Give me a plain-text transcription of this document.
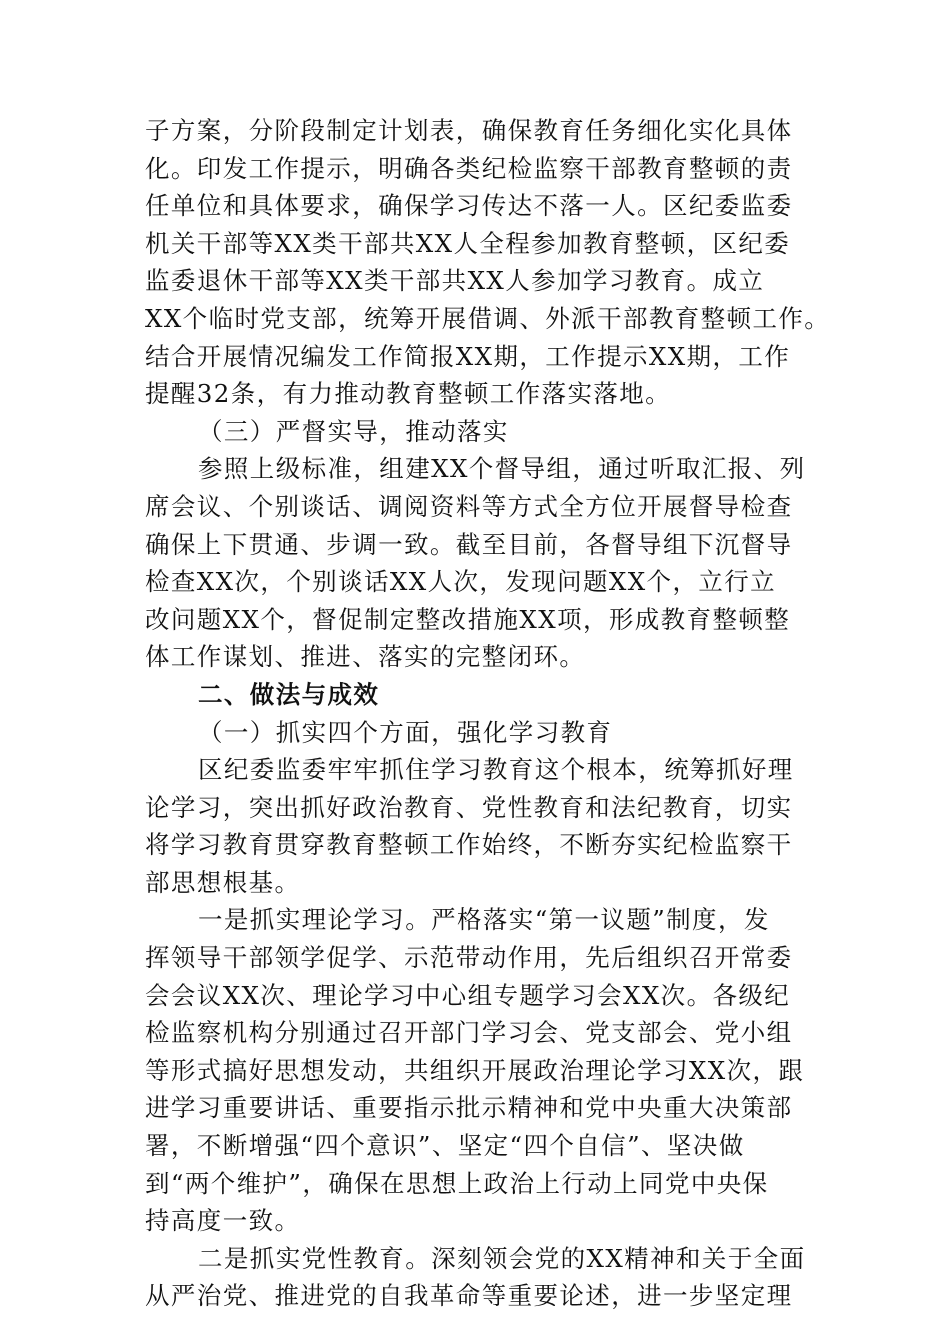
子方案，分阶段制定计划表，确保教育任务细化实化具体
化。印发工作提示，明确各类纪检监察干部教育整顿的责
任单位和具体要求，确保学习传达不落一人。区纪委监委
机关干部等XX类干部共XX人全程参加教育整顿，区纪委
监委退休干部等XX类干部共XX人参加学习教育。成立
XX个临时党支部，统筹开展借调、外派干部教育整顿工作。
结合开展情况编发工作简报XX期，工作提示XX期，工作
提醒32条，有力推动教育整顿工作落实落地。
（三）严督实导，推动落实
参照上级标准，组建XX个督导组，通过听取汇报、列
席会议、个别谈话、调阅资料等方式全方位开展督导检查
确保上下贯通、步调一致。截至目前，各督导组下沉督导
检查XX次，个别谈话XX人次，发现问题XX个，立行立
改问题XX个，督促制定整改措施XX项，形成教育整顿整
体工作谋划、推进、落实的完整闭环。
二、做法与成效
（一）抓实四个方面，强化学习教育
区纪委监委牢牢抓住学习教育这个根本，统筹抓好理
论学习，突出抓好政治教育、党性教育和法纪教育，切实
将学习教育贯穿教育整顿工作始终，不断夯实纪检监察干
部思想根基。
一是抓实理论学习。严格落实“第一议题”制度，发
挥领导干部领学促学、示范带动作用，先后组织召开常委
会会议XX次、理论学习中心组专题学习会XX次。各级纪
检监察机构分别通过召开部门学习会、党支部会、党小组
等形式搞好思想发动，共组织开展政治理论学习XX次，跟
进学习重要讲话、重要指示批示精神和党中央重大决策部
署，不断增强“四个意识”、坚定“四个自信”、坚决做
到“两个维护”，确保在思想上政治上行动上同党中央保
持高度一致。
二是抓实党性教育。深刻领会党的XX精神和关于全面
从严治党、推进党的自我革命等重要论述，进一步坚定理
